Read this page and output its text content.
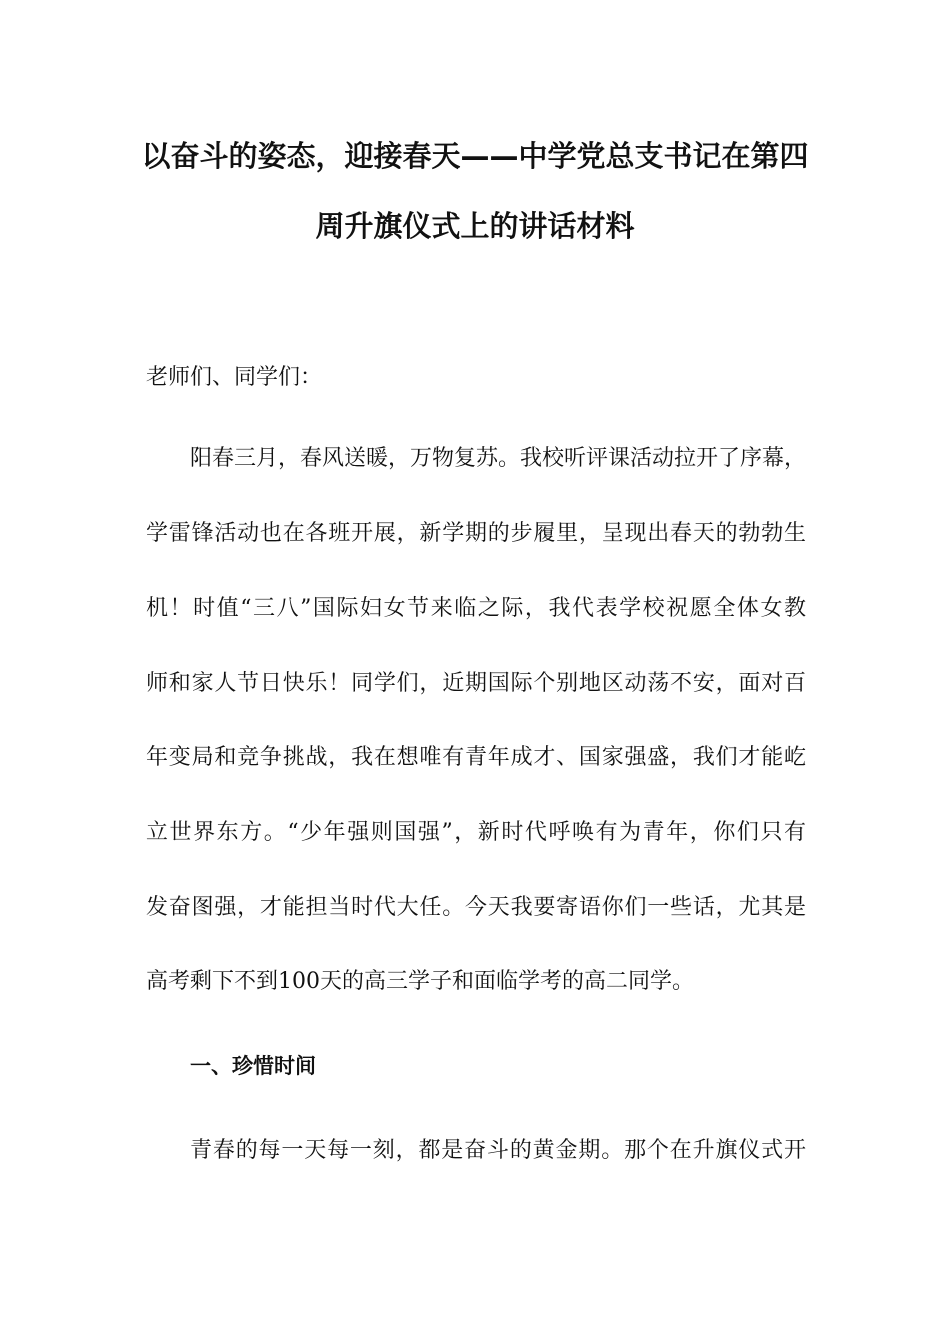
以奋斗的姿态，迎接春天——中学党总支书记在第四
周升旗仪式上的讲话材料
老师们、同学们：
阳春三月，春风送暖，万物复苏。我校听评课活动拉开了序幕，
学雷锋活动也在各班开展，新学期的步履里，呈现出春天的勃勃生
机！时值“三八”国际妇女节来临之际，我代表学校祝愿全体女教
师和家人节日快乐！同学们，近期国际个别地区动荡不安，面对百
年变局和竞争挑战，我在想唯有青年成才、国家强盛，我们才能屹
立世界东方。“少年强则国强”，新时代呼唤有为青年，你们只有
发奋图强，才能担当时代大任。今天我要寄语你们一些话，尤其是
高考剩下不到100天的高三学子和面临学考的高二同学。
一、珍惜时间
青春的每一天每一刻，都是奋斗的黄金期。那个在升旗仪式开
